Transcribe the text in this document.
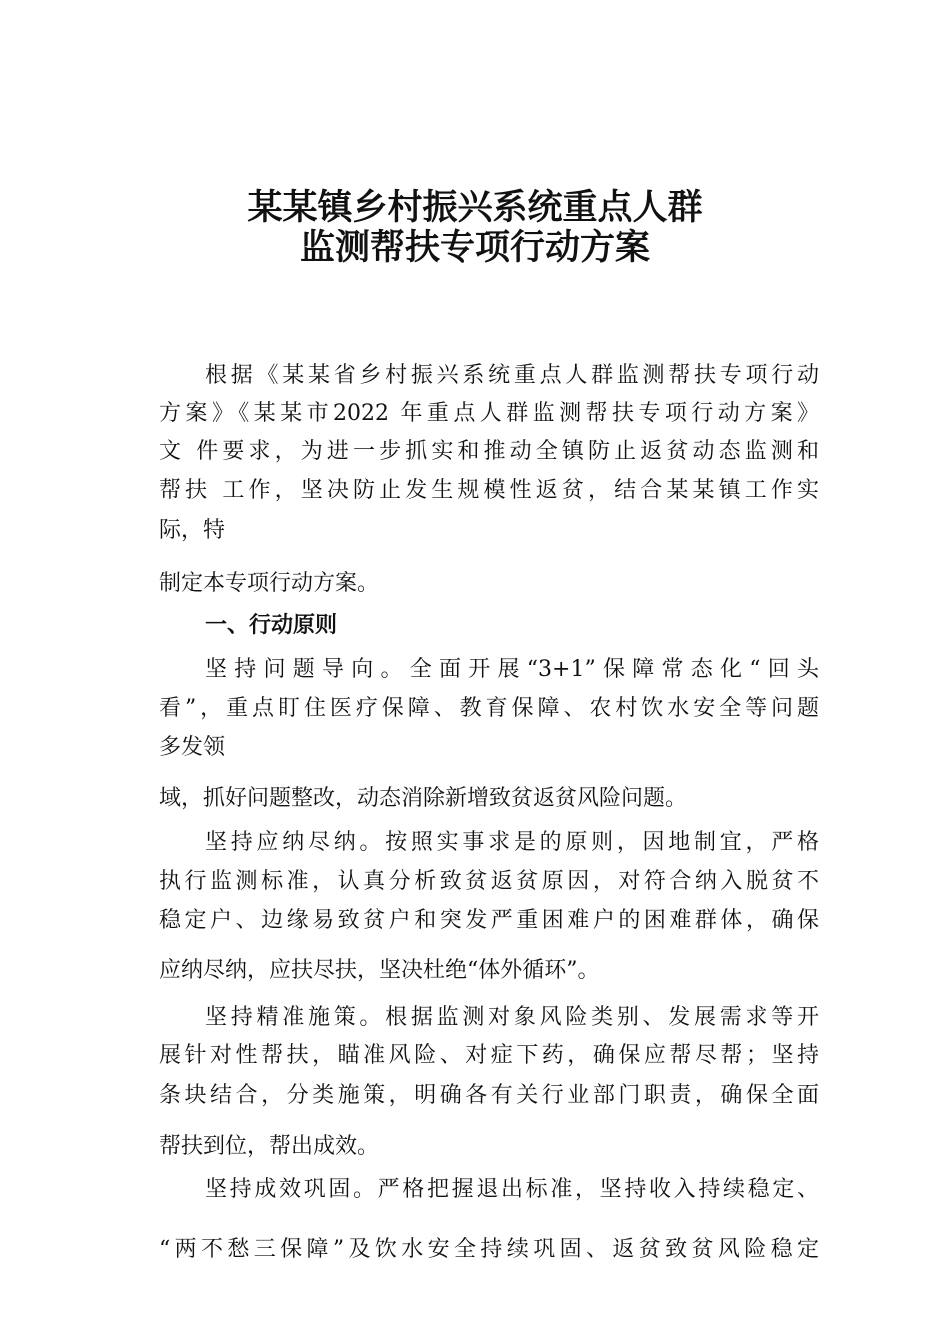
某某镇乡村振兴系统重点人群
监测帮扶专项行动方案
根据《某某省乡村振兴系统重点人群监测帮扶专项行动
方案》《某某市2022 年重点人群监测帮扶专项行动方案》
文 件要求，为进一步抓实和推动全镇防止返贫动态监测和
帮扶 工作，坚决防止发生规模性返贫，结合某某镇工作实
际，特
制定本专项行动方案。
一、行动原则
坚持问题导向。全面开展“3+1”保障常态化“回头
看”，重点盯住医疗保障、教育保障、农村饮水安全等问题
多发领
域，抓好问题整改，动态消除新增致贫返贫风险问题。
坚持应纳尽纳。按照实事求是的原则，因地制宜，严格
执行监测标准，认真分析致贫返贫原因，对符合纳入脱贫不
稳定户、边缘易致贫户和突发严重困难户的困难群体，确保
应纳尽纳，应扶尽扶，坚决杜绝“体外循环”。
坚持精准施策。根据监测对象风险类别、发展需求等开
展针对性帮扶，瞄准风险、对症下药，确保应帮尽帮；坚持
条块结合，分类施策，明确各有关行业部门职责，确保全面
帮扶到位，帮出成效。
坚持成效巩固。严格把握退出标准，坚持收入持续稳定、
“两不愁三保障”及饮水安全持续巩固、返贫致贫风险稳定
